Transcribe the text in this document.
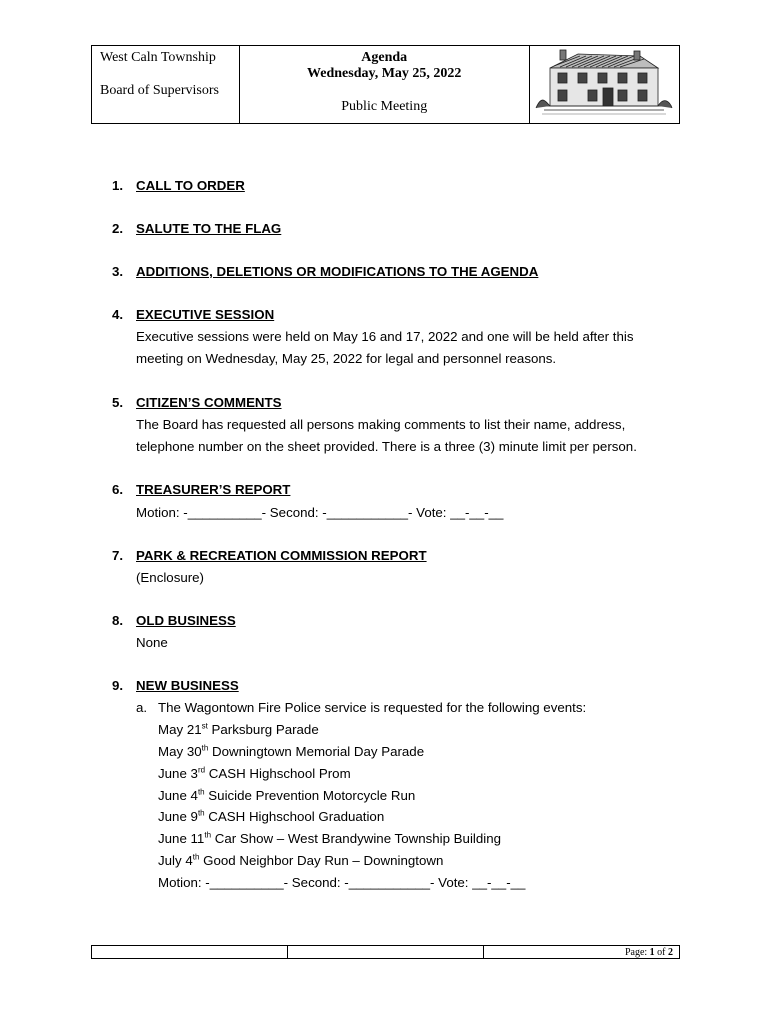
West Caln Township
Board of Supervisors

Agenda
Wednesday, May 25, 2022
Public Meeting

1. CALL TO ORDER
2. SALUTE TO THE FLAG
3. ADDITIONS, DELETIONS OR MODIFICATIONS TO THE AGENDA
4. EXECUTIVE SESSION
Executive sessions were held on May 16 and 17, 2022 and one will be held after this
meeting on Wednesday, May 25, 2022 for legal and personnel reasons.
5. CITIZEN’S COMMENTS
The Board has requested all persons making comments to list their name, address,
telephone number on the sheet provided. There is a three (3) minute limit per person.
6. TREASURER’S REPORT
Motion: -__________- Second: -___________- Vote: __-__-__
7. PARK & RECREATION COMMISSION REPORT
(Enclosure)
8. OLD BUSINESS
None
9. NEW BUSINESS
a. The Wagontown Fire Police service is requested for the following events:
May 21st Parksburg Parade
May 30th Downingtown Memorial Day Parade
June 3rd CASH Highschool Prom
June 4th Suicide Prevention Motorcycle Run
June 9th CASH Highschool Graduation
June 11th Car Show – West Brandywine Township Building
July 4th Good Neighbor Day Run – Downingtown
Motion: -__________- Second: -___________- Vote: __-__-__
		Page: 1 of 2
